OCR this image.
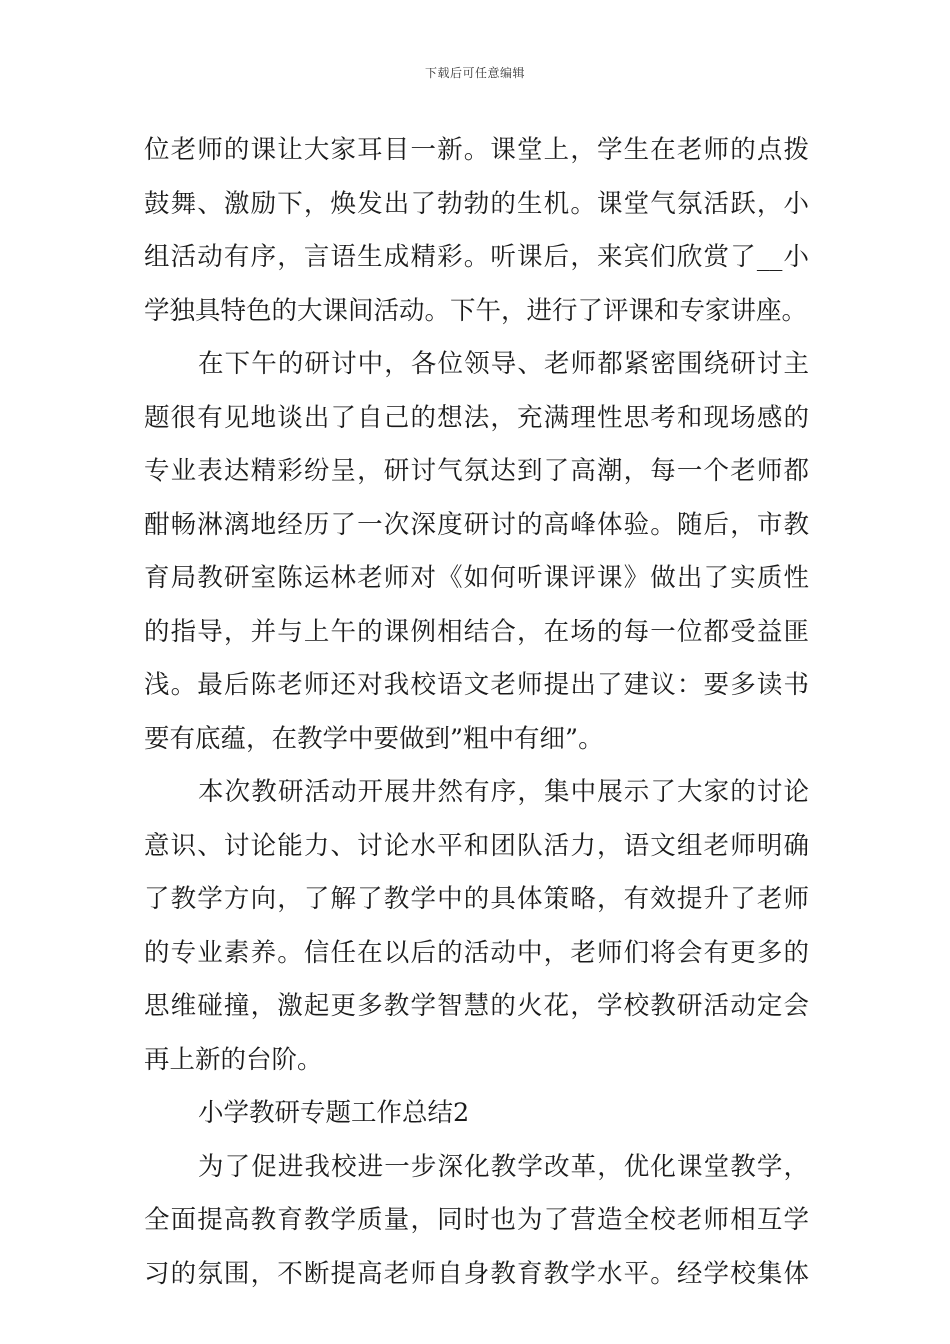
下载后可任意编辑
位老师的课让大家耳目一新。课堂上，学生在老师的点拨
鼓舞、激励下，焕发出了勃勃的生机。课堂气氛活跃，小
组活动有序，言语生成精彩。听课后，来宾们欣赏了__小
学独具特色的大课间活动。下午，进行了评课和专家讲座。
在下午的研讨中，各位领导、老师都紧密围绕研讨主
题很有见地谈出了自己的想法，充满理性思考和现场感的
专业表达精彩纷呈，研讨气氛达到了高潮，每一个老师都
酣畅淋漓地经历了一次深度研讨的高峰体验。随后，市教
育局教研室陈运林老师对《如何听课评课》做出了实质性
的指导，并与上午的课例相结合，在场的每一位都受益匪
浅。最后陈老师还对我校语文老师提出了建议：要多读书
要有底蕴，在教学中要做到”粗中有细”。
本次教研活动开展井然有序，集中展示了大家的讨论
意识、讨论能力、讨论水平和团队活力，语文组老师明确
了教学方向，了解了教学中的具体策略，有效提升了老师
的专业素养。信任在以后的活动中，老师们将会有更多的
思维碰撞，激起更多教学智慧的火花，学校教研活动定会
再上新的台阶。
小学教研专题工作总结2
为了促进我校进一步深化教学改革，优化课堂教学，
全面提高教育教学质量，同时也为了营造全校老师相互学
习的氛围，不断提高老师自身教育教学水平。经学校集体
